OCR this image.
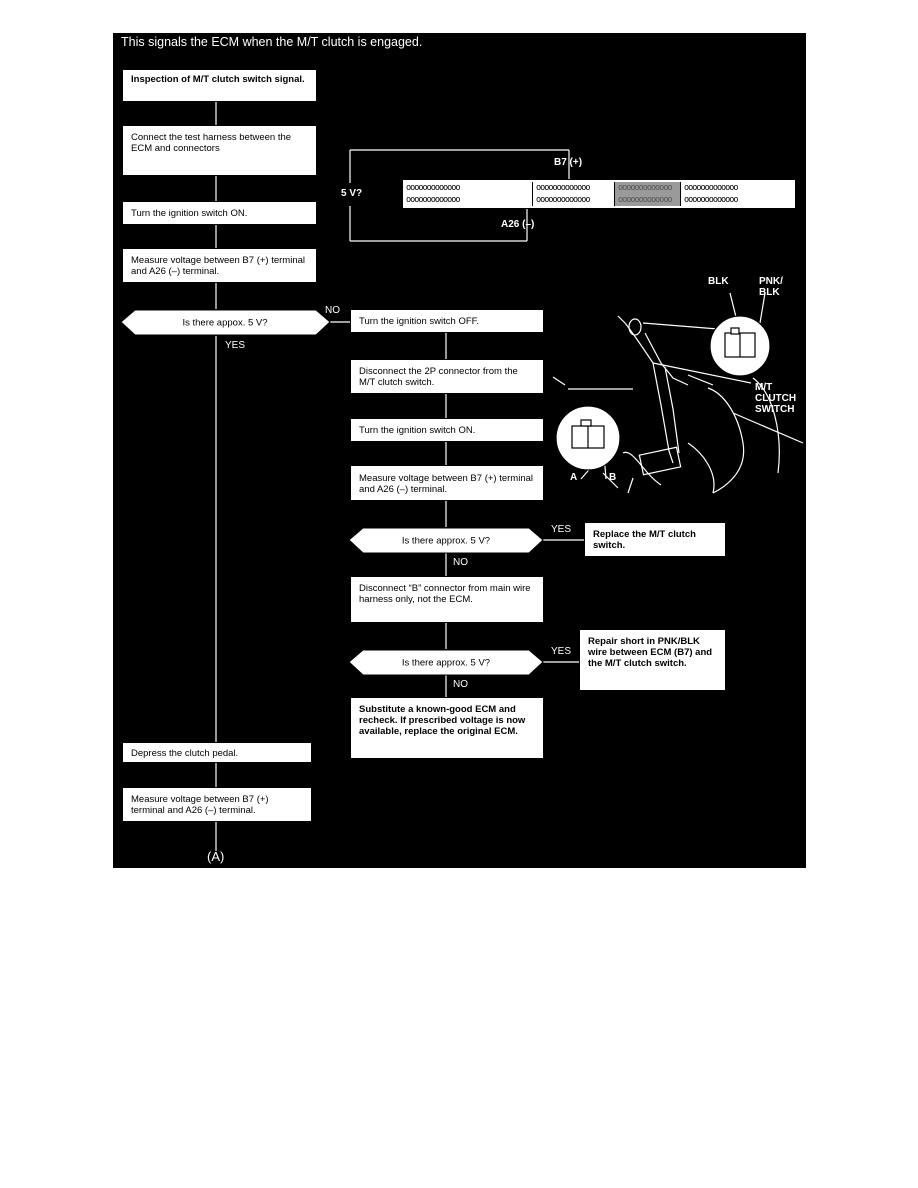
This signals the ECM when the M/T clutch is engaged.
Inspection of M/T clutch switch signal.
Connect the test harness between the ECM and connectors
Turn the ignition switch ON.
Measure voltage between B7 (+) terminal and A26 (–) terminal.
Is there appox. 5 V?
Depress the clutch pedal.
Measure voltage between B7 (+) terminal and A26 (–) terminal.
(A)
NO
YES
YES
NO
YES
NO
Turn the ignition switch OFF.
Disconnect the 2P connector from the M/T clutch switch.
Turn the ignition switch ON.
Measure voltage between B7 (+) terminal and A26 (–) terminal.
Is there approx. 5 V?
Replace the M/T clutch switch.
Disconnect “B” connector from main wire harness only, not the ECM.
Is there approx. 5 V?
Repair short in PNK/BLK wire between ECM (B7) and the M/T clutch switch.
Substitute a known-good ECM and recheck. If prescribed voltage is now available, replace the original ECM.
ooooooooooooo
ooooooooooooo
ooooooooooooo
ooooooooooooo
ooooooooooooo
ooooooooooooo
ooooooooooooo
ooooooooooooo
B7 (+)
A26 (–)
5 V?
BLK	PNK/
BLK
M/T
CLUTCH
SWITCH
A	B
